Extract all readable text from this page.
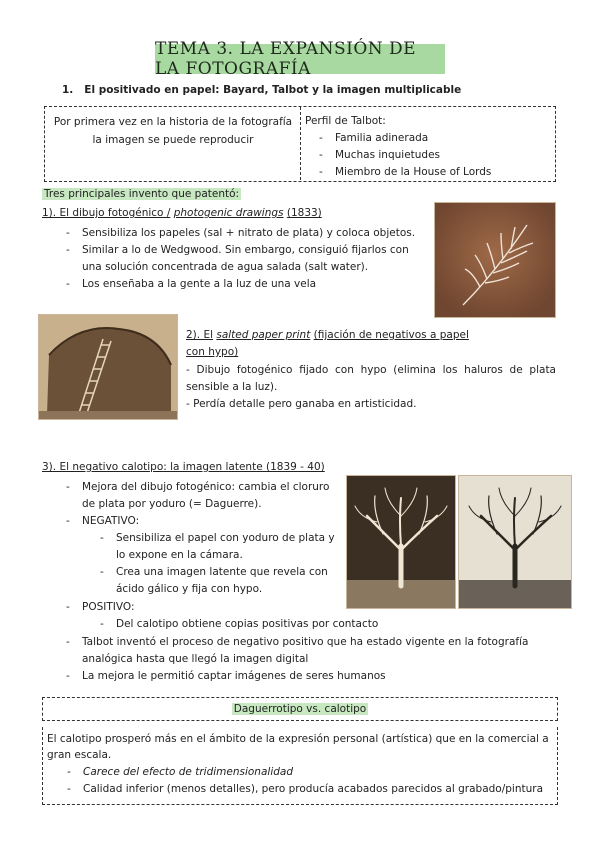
TEMA 3. LA EXPANSIÓN DE LA FOTOGRAFÍA
1. El positivado en papel: Bayard, Talbot y la imagen multiplicable
Por primera vez en la historia de la fotografía la imagen se puede reproducir
Perfil de Talbot:
- Familia adinerada
- Muchas inquietudes
- Miembro de la House of Lords
Tres principales invento que patentó:
1). El dibujo fotogénico / photogenic drawings (1833)
- Sensibiliza los papeles (sal + nitrato de plata) y coloca objetos.
- Similar a lo de Wedgwood. Sin embargo, consiguió fijarlos con una solución concentrada de agua salada (salt water).
- Los enseñaba a la gente a la luz de una vela
2). El salted paper print (fijación de negativos a papel con hypo)
- Dibujo fotogénico fijado con hypo (elimina los haluros de plata sensible a la luz).
- Perdía detalle pero ganaba en artisticidad.
3). El negativo calotipo: la imagen latente (1839 - 40)
- Mejora del dibujo fotogénico: cambia el cloruro de plata por yoduro (= Daguerre).
- NEGATIVO:
- Sensibiliza el papel con yoduro de plata y lo expone en la cámara.
- Crea una imagen latente que revela con ácido gálico y fija con hypo.
- POSITIVO:
- Del calotipo obtiene copias positivas por contacto
- Talbot inventó el proceso de negativo positivo que ha estado vigente en la fotografía analógica hasta que llegó la imagen digital
- La mejora le permitió captar imágenes de seres humanos
Daguerrotipo vs. calotipo
El calotipo prosperó más en el ámbito de la expresión personal (artística) que en la comercial a gran escala.
- Carece del efecto de tridimensionalidad
- Calidad inferior (menos detalles), pero producía acabados parecidos al grabado/pintura
